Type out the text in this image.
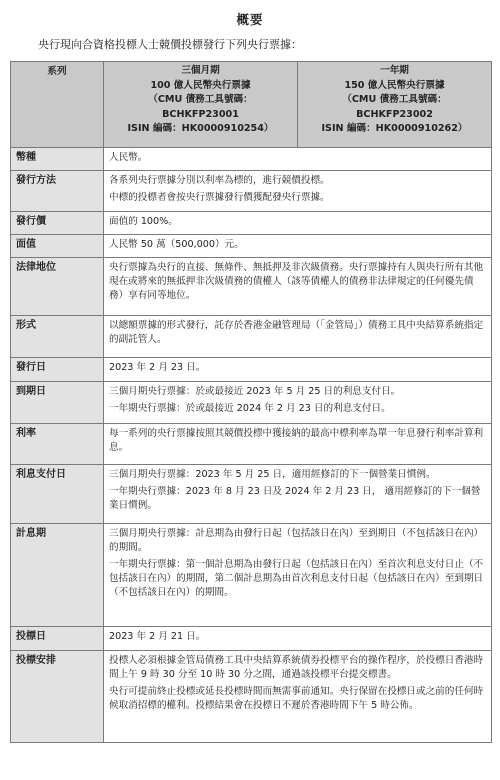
概要
央行現向合資格投標人士競價投標發行下列央行票據：
系列	三個月期
100 億人民幣央行票據
（CMU 債務工具號碼：
BCHKFP23001
ISIN 編碼：HK0000910254）	一年期
150 億人民幣央行票據
（CMU 債務工具號碼：
BCHKFP23002
ISIN 編碼：HK0000910262）

幣種	人民幣。	

發行方法	各系列央行票據分別以利率為標的，進行競價投標。

中標的投標者會按央行票據發行價獲配發央行票據。	

發行價	面值的 100%。	

面值	人民幣 50 萬（500,000）元。	

法律地位	央行票據為央行的直接、無條件、無抵押及非次級債務。央行票據持有人與央行所有其他現在或將來的無抵押非次級債務的債權人（該等債權人的債務非法律規定的任何優先債務）享有同等地位。	

形式	以總額票據的形式發行，託存於香港金融管理局（「金管局」）債務工具中央結算系統指定的副託管人。	

發行日	2023 年 2 月 23 日。	

到期日	三個月期央行票據：於或最接近 2023 年 5 月 25 日的利息支付日。

一年期央行票據：於或最接近 2024 年 2 月 23 日的利息支付日。	

利率	每一系列的央行票據按照其競價投標中獲接納的最高中標利率為單一年息發行利率計算利息。	

利息支付日	三個月期央行票據：2023 年 5 月 25 日，適用經修訂的下一個營業日慣例。

一年期央行票據：2023 年 8 月 23 日及 2024 年 2 月 23 日， 適用經修訂的下一個營業日慣例。	

計息期	三個月期央行票據：計息期為由發行日起（包括該日在內）至到期日（不包括該日在內）的期間。

一年期央行票據：第一個計息期為由發行日起（包括該日在內）至首次利息支付日止（不包括該日在內）的期間，第二個計息期為由首次利息支付日起（包括該日在內）至到期日（不包括該日在內）的期間。	

投標日	2023 年 2 月 21 日。	

投標安排	投標人必須根據金管局債務工具中央結算系統債券投標平台的操作程序，於投標日香港時間上午 9 時 30 分至 10 時 30 分之間，通過該投標平台提交標書。

央行可提前終止投標或延長投標時間而無需事前通知。央行保留在投標日或之前的任何時候取消招標的權利。投標結果會在投標日不遲於香港時間下午 5 時公佈。	
